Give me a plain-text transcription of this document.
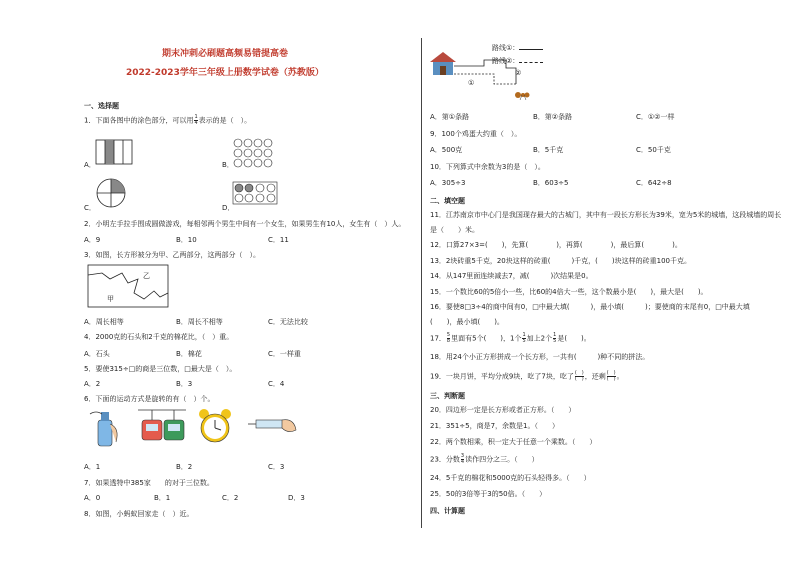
期末冲刺必刷题高频易错提高卷
2022-2023学年三年级上册数学试卷（苏教版）
一、选择题
1．下面各图中的涂色部分，可以用 $\frac{1}{4}$ 表示的是（　）。
A．	B．
C．	D．
2．小明左手拉手围成圆做游戏，每相邻两个男生中间有一个女生，如果男生有10人，女生有（　）人。
A．9	B．10	C．11
3．如图，长方形被分为甲、乙两部分，这两部分（　）。
乙
甲
A．周长相等	B．周长不相等	C．无法比较
4．2000克的石头和2千克的棉花比，（　）重。
A．石头	B．棉花	C．一样重
5．要使315÷□的商是三位数，□最大是（　）。
A．2	B．3	C．4
6．下面的运动方式是旋转的有（　）个。
A．1	B．2	C．3
7．如果透特中385家　　的对于三位数。
A．0	B．1	C．2	D．3
8．如图，小蚂蚁回家走（　）近。
路线①：
路线②：
①
②
A．第①条路	B．第②条路	C．①②一样
9．100个鸡蛋大约重（　）。
A．500克	B．5千克	C．50千克
10．下列算式中余数为3的是（　）。
A．305÷3	B．603÷5	C．642÷8
二、填空题
11．江苏南京市中心门是我国现存最大的古城门，其中有一段长方形长为39米，宽为5米的城墙，这段城墙的周长
是（　　）米。
12．口算27×3=(　　)，先算(　　　　)，再算(　　　　)，最后算(　　　　)。
13．2块砖重5千克，20块这样的砖重(　　　)千克，(　　)块这样的砖重100千克。
14．从147里面连续减去7，减(　　　)次结果是0。
15．一个数比60的5倍小一些，比60的4倍大一些，这个数最小是(　　)，最大是(　　)。
16．要使8□3÷4的商中间有0，□中最大填(　　　)，最小填(　　　)；要使商的末尾有0，□中最大填
(　　)，最小填(　　)。
17． $\frac{5}{8}$ 里面有5个(　　)，1个 $\frac{1}{5}$ 加上2个 $\frac{1}{5}$ 是(　　)。
18．用24个小正方形拼成一个长方形，一共有(　　　)种不同的拼法。
19．一块月饼，平均分成9块，吃了7块，吃了 $\frac{( )}{( )}$ ，还剩 $\frac{( )}{( )}$ 。
三、判断题
20．四边形一定是长方形或者正方形。（　　）
21．351÷5，商是7，余数是1。（　　）
22．两个数相乘，积一定大于任意一个乘数。（　　）
23．分数 $\frac{3}{4}$ 读作四分之三。（　　）
24．5千克的棉花和5000克的石头轻得多。（　　）
25．50的3倍等于3的50倍。（　　）
四、计算题
